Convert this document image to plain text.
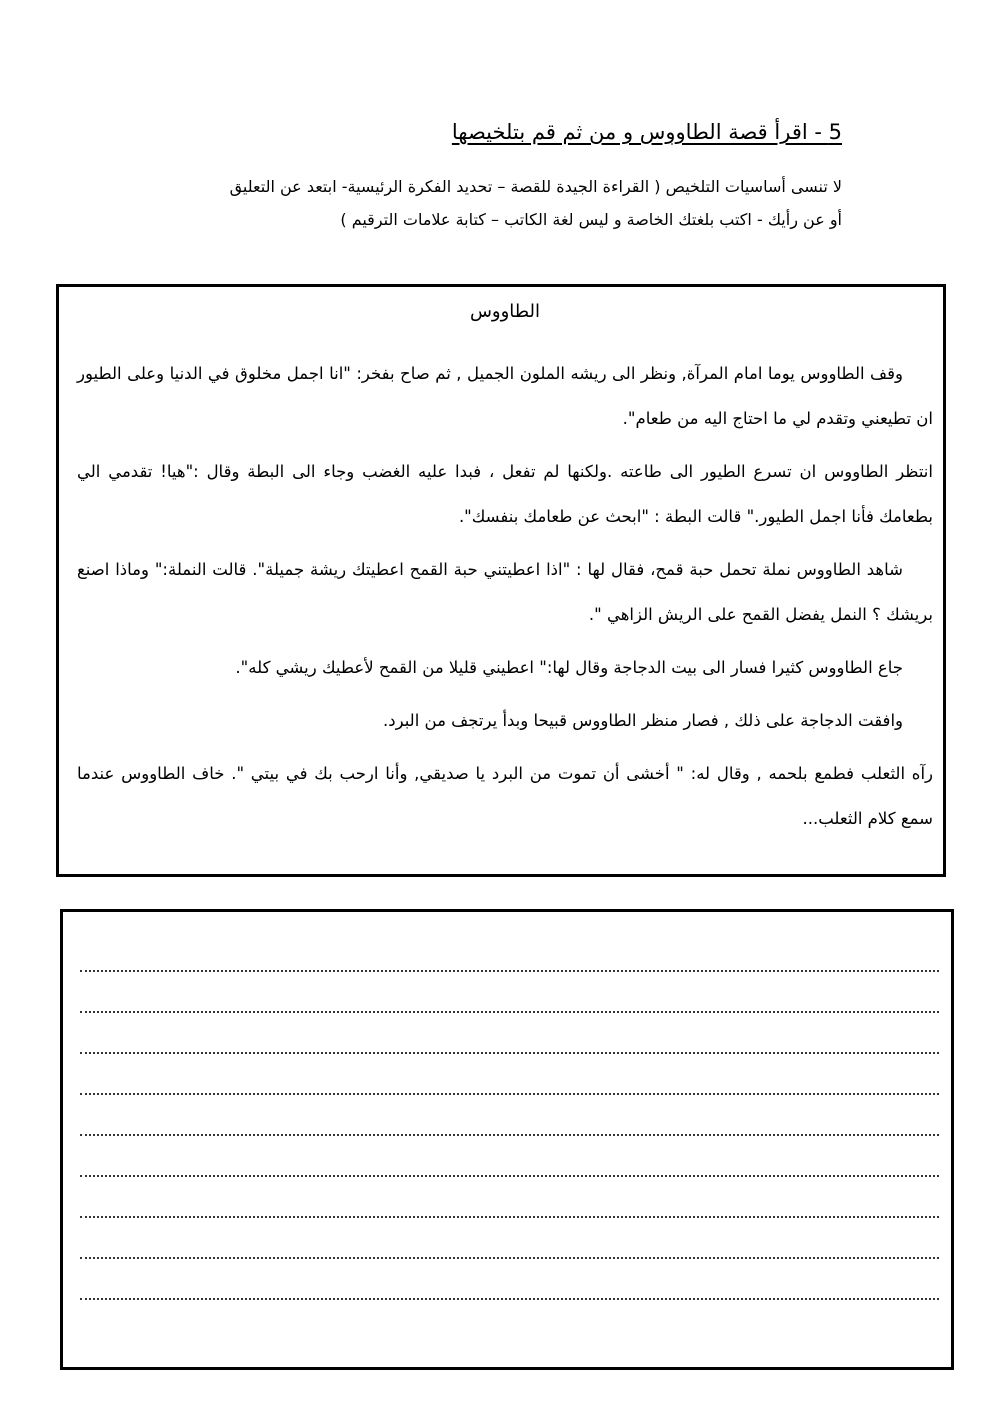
5 - اقرأ قصة الطاووس و من ثم قم بتلخيصها

لا تنسى أساسيات التلخيص ( القراءة الجيدة للقصة – تحديد الفكرة الرئيسية- ابتعد عن التعليق

أو عن رأيك - اكتب بلغتك الخاصة و ليس لغة الكاتب – كتابة علامات الترقيم )

الطاووس

وقف الطاووس يوما امام المرآة, ونظر الى ريشه الملون الجميل , ثم صاح بفخر: "انا اجمل مخلوق في الدنيا وعلى الطيور ان تطيعني وتقدم لي ما احتاج اليه من طعام".

انتظر الطاووس ان تسرع الطيور الى طاعته .ولكنها لم تفعل ، فبدا عليه الغضب وجاء الى البطة وقال :"هيا! تقدمي الي بطعامك فأنا اجمل الطيور." قالت البطة : "ابحث عن طعامك بنفسك".

شاهد الطاووس نملة تحمل حبة قمح، فقال لها : "اذا اعطيتني حبة القمح اعطيتك ريشة جميلة". قالت النملة:" وماذا اصنع بريشك ؟ النمل يفضل القمح على الريش الزاهي ".

جاع الطاووس كثيرا فسار الى بيت الدجاجة وقال لها:" اعطيني قليلا من القمح لأعطيك ريشي كله".

وافقت الدجاجة على ذلك , فصار منظر الطاووس قبيحا وبدأ يرتجف من البرد.

رآه الثعلب فطمع بلحمه , وقال له: " أخشى أن تموت من البرد يا صديقي, وأنا ارحب بك في بيتي ". خاف الطاووس عندما سمع كلام الثعلب...
